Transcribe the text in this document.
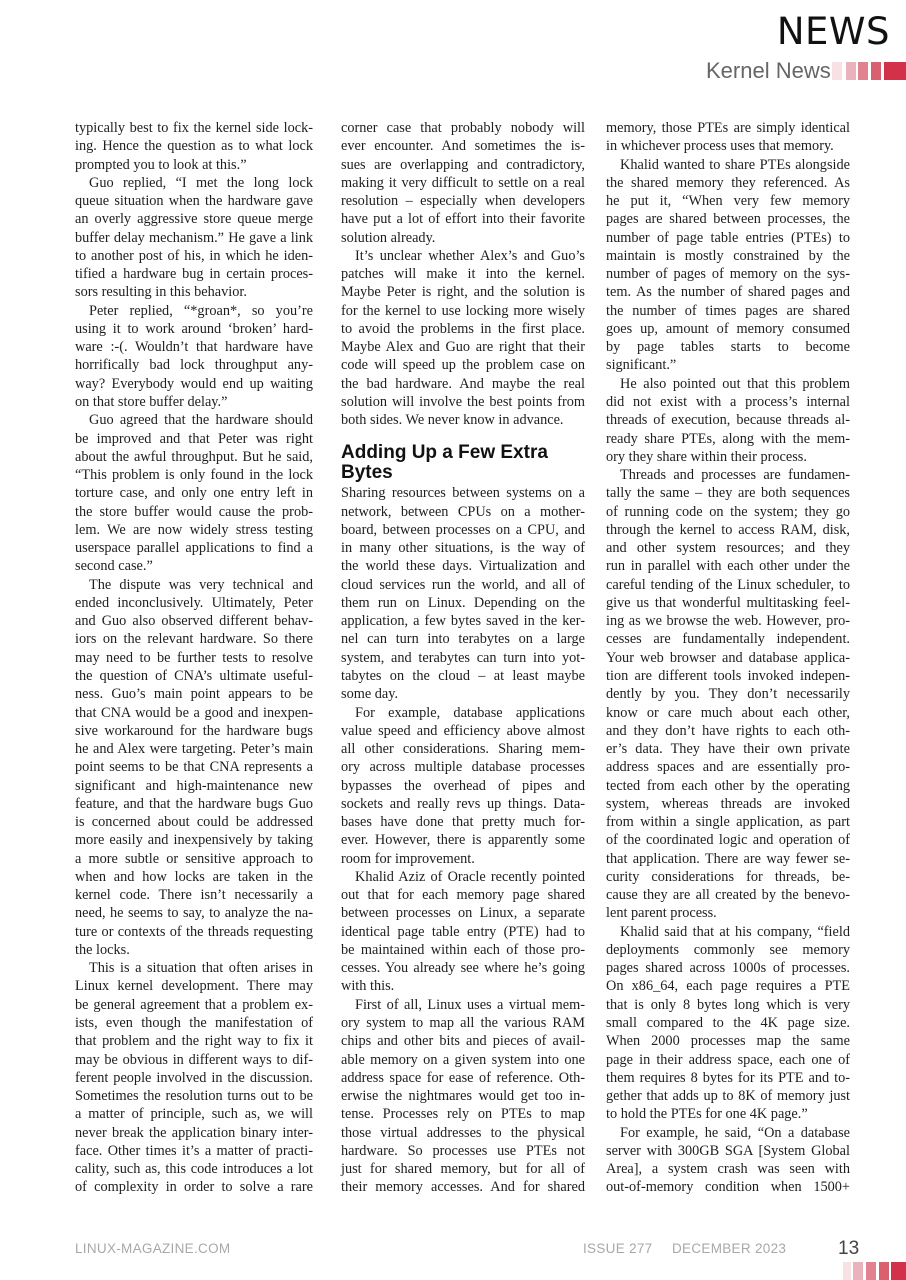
NEWS
Kernel News
typically best to fix the kernel side lock-
ing. Hence the question as to what lock
prompted you to look at this.”
Guo replied, “I met the long lock
queue situation when the hardware gave
an overly aggressive store queue merge
buffer delay mechanism.” He gave a link
to another post of his, in which he iden-
tified a hardware bug in certain proces-
sors resulting in this behavior.
Peter replied, “*groan*, so you’re
using it to work around ‘broken’ hard-
ware :-(. Wouldn’t that hardware have
horrifically bad lock throughput any-
way? Everybody would end up waiting
on that store buffer delay.”
Guo agreed that the hardware should
be improved and that Peter was right
about the awful throughput. But he said,
“This problem is only found in the lock
torture case, and only one entry left in
the store buffer would cause the prob-
lem. We are now widely stress testing
userspace parallel applications to find a
second case.”
The dispute was very technical and
ended inconclusively. Ultimately, Peter
and Guo also observed different behav-
iors on the relevant hardware. So there
may need to be further tests to resolve
the question of CNA’s ultimate useful-
ness. Guo’s main point appears to be
that CNA would be a good and inexpen-
sive workaround for the hardware bugs
he and Alex were targeting. Peter’s main
point seems to be that CNA represents a
significant and high-maintenance new
feature, and that the hardware bugs Guo
is concerned about could be addressed
more easily and inexpensively by taking
a more subtle or sensitive approach to
when and how locks are taken in the
kernel code. There isn’t necessarily a
need, he seems to say, to analyze the na-
ture or contexts of the threads requesting
the locks.
This is a situation that often arises in
Linux kernel development. There may
be general agreement that a problem ex-
ists, even though the manifestation of
that problem and the right way to fix it
may be obvious in different ways to dif-
ferent people involved in the discussion.
Sometimes the resolution turns out to be
a matter of principle, such as, we will
never break the application binary inter-
face. Other times it’s a matter of practi-
cality, such as, this code introduces a lot
of complexity in order to solve a rare
corner case that probably nobody will
ever encounter. And sometimes the is-
sues are overlapping and contradictory,
making it very difficult to settle on a real
resolution – especially when developers
have put a lot of effort into their favorite
solution already.
It’s unclear whether Alex’s and Guo’s
patches will make it into the kernel.
Maybe Peter is right, and the solution is
for the kernel to use locking more wisely
to avoid the problems in the first place.
Maybe Alex and Guo are right that their
code will speed up the problem case on
the bad hardware. And maybe the real
solution will involve the best points from
both sides. We never know in advance.
Adding Up a Few Extra
Bytes
Sharing resources between systems on a
network, between CPUs on a mother-
board, between processes on a CPU, and
in many other situations, is the way of
the world these days. Virtualization and
cloud services run the world, and all of
them run on Linux. Depending on the
application, a few bytes saved in the ker-
nel can turn into terabytes on a large
system, and terabytes can turn into yot-
tabytes on the cloud – at least maybe
some day.
For example, database applications
value speed and efficiency above almost
all other considerations. Sharing mem-
ory across multiple database processes
bypasses the overhead of pipes and
sockets and really revs up things. Data-
bases have done that pretty much for-
ever. However, there is apparently some
room for improvement.
Khalid Aziz of Oracle recently pointed
out that for each memory page shared
between processes on Linux, a separate
identical page table entry (PTE) had to
be maintained within each of those pro-
cesses. You already see where he’s going
with this.
First of all, Linux uses a virtual mem-
ory system to map all the various RAM
chips and other bits and pieces of avail-
able memory on a given system into one
address space for ease of reference. Oth-
erwise the nightmares would get too in-
tense. Processes rely on PTEs to map
those virtual addresses to the physical
hardware. So processes use PTEs not
just for shared memory, but for all of
their memory accesses. And for shared
memory, those PTEs are simply identical
in whichever process uses that memory.
Khalid wanted to share PTEs alongside
the shared memory they referenced. As
he put it, “When very few memory
pages are shared between processes, the
number of page table entries (PTEs) to
maintain is mostly constrained by the
number of pages of memory on the sys-
tem. As the number of shared pages and
the number of times pages are shared
goes up, amount of memory consumed
by page tables starts to become
significant.”
He also pointed out that this problem
did not exist with a process’s internal
threads of execution, because threads al-
ready share PTEs, along with the mem-
ory they share within their process.
Threads and processes are fundamen-
tally the same – they are both sequences
of running code on the system; they go
through the kernel to access RAM, disk,
and other system resources; and they
run in parallel with each other under the
careful tending of the Linux scheduler, to
give us that wonderful multitasking feel-
ing as we browse the web. However, pro-
cesses are fundamentally independent.
Your web browser and database applica-
tion are different tools invoked indepen-
dently by you. They don’t necessarily
know or care much about each other,
and they don’t have rights to each oth-
er’s data. They have their own private
address spaces and are essentially pro-
tected from each other by the operating
system, whereas threads are invoked
from within a single application, as part
of the coordinated logic and operation of
that application. There are way fewer se-
curity considerations for threads, be-
cause they are all created by the benevo-
lent parent process.
Khalid said that at his company, “field
deployments commonly see memory
pages shared across 1000s of processes.
On x86_64, each page requires a PTE
that is only 8 bytes long which is very
small compared to the 4K page size.
When 2000 processes map the same
page in their address space, each one of
them requires 8 bytes for its PTE and to-
gether that adds up to 8K of memory just
to hold the PTEs for one 4K page.”
For example, he said, “On a database
server with 300GB SGA [System Global
Area], a system crash was seen with
out-of-memory condition when 1500+
LINUX-MAGAZINE.COM	ISSUE 277 DECEMBER 2023	13
